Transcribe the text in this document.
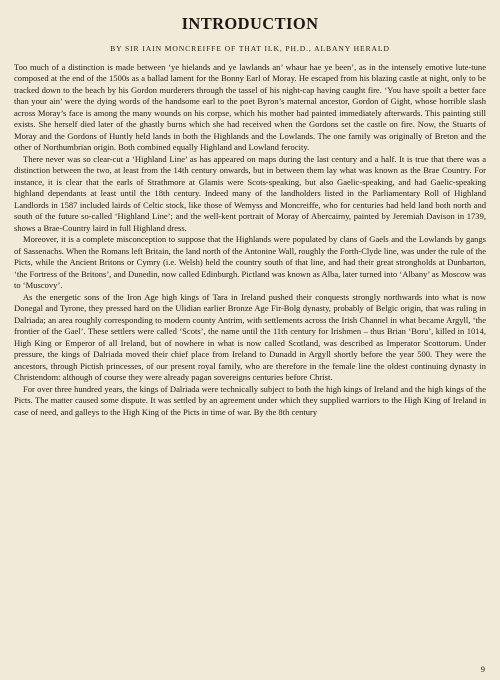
INTRODUCTION
BY SIR IAIN MONCREIFFE OF THAT ILK, PH.D., ALBANY HERALD

Too much of a distinction is made between ‘ye hielands and ye lawlands an’ whaur hae ye been’, as in the intensely emotive lute-tune composed at the end of the 1500s as a ballad lament for the Bonny Earl of Moray. He escaped from his blazing castle at night, only to be tracked down to the beach by his Gordon murderers through the tassel of his night-cap having caught fire. ‘You have spoilt a better face than your ain’ were the dying words of the handsome earl to the poet Byron’s maternal ancestor, Gordon of Gight, whose horrible slash across Moray’s face is among the many wounds on his corpse, which his mother had painted immediately afterwards. This painting still exists. She herself died later of the ghastly burns which she had received when the Gordons set the castle on fire. Now, the Stuarts of Moray and the Gordons of Huntly held lands in both the Highlands and the Lowlands. The one family was originally of Breton and the other of Northumbrian origin. Both combined equally Highland and Lowland ferocity.

There never was so clear-cut a ‘Highland Line’ as has appeared on maps during the last century and a half. It is true that there was a distinction between the two, at least from the 14th century onwards, but in between them lay what was known as the Brae Country. For instance, it is clear that the earls of Strathmore at Glamis were Scots-speaking, but also Gaelic-speaking, and had Gaelic-speaking highland dependants at least until the 18th century. Indeed many of the landholders listed in the Parliamentary Roll of Highland Landlords in 1587 included lairds of Celtic stock, like those of Wemyss and Moncreiffe, who for centuries had held land both north and south of the future so-called ‘Highland Line’; and the well-kent portrait of Moray of Abercairny, painted by Jeremiah Davison in 1739, shows a Brae-Country laird in full Highland dress.

Moreover, it is a complete misconception to suppose that the Highlands were populated by clans of Gaels and the Lowlands by gangs of Sassenachs. When the Romans left Britain, the land north of the Antonine Wall, roughly the Forth-Clyde line, was under the rule of the Picts, while the Ancient Britons or Cymry (i.e. Welsh) held the country south of that line, and had their great strongholds at Dunbarton, ‘the Fortress of the Britons’, and Dunedin, now called Edinburgh. Pictland was known as Alba, later turned into ‘Albany’ as Moscow was to ‘Muscovy’.

As the energetic sons of the Iron Age high kings of Tara in Ireland pushed their conquests strongly northwards into what is now Donegal and Tyrone, they pressed hard on the Ulidian earlier Bronze Age Fir-Bolg dynasty, probably of Belgic origin, that was ruling in Dalriada; an area roughly corresponding to modern county Antrim, with settlements across the Irish Channel in what became Argyll, ‘the frontier of the Gael’. These settlers were called ‘Scots’, the name until the 11th century for Irishmen – thus Brian ‘Boru’, killed in 1014, High King or Emperor of all Ireland, but of nowhere in what is now called Scotland, was described as Imperator Scottorum. Under pressure, the kings of Dalriada moved their chief place from Ireland to Dunadd in Argyll shortly before the year 500. They were the ancestors, through Pictish princesses, of our present royal family, who are therefore in the female line the oldest continuing dynasty in Christendom: although of course they were already pagan sovereigns centuries before Christ.

For over three hundred years, the kings of Dalriada were technically subject to both the high kings of Ireland and the high kings of the Picts. The matter caused some dispute. It was settled by an agreement under which they supplied warriors to the High King of Ireland in case of need, and galleys to the High King of the Picts in time of war. By the 8th century

9
